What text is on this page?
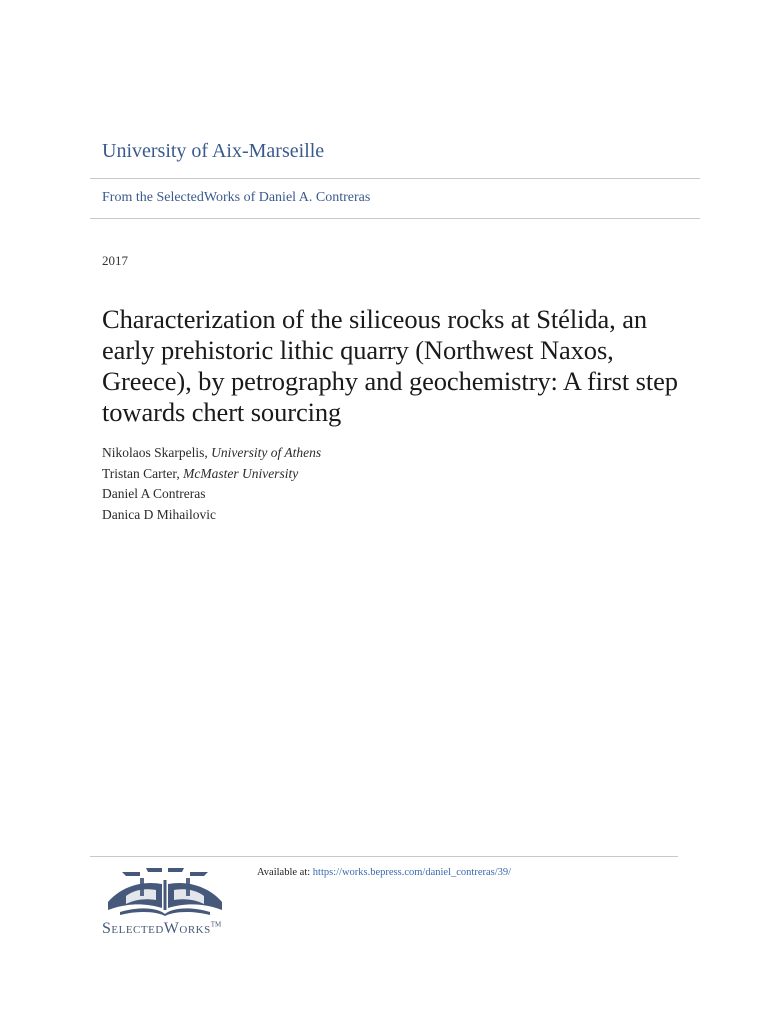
University of Aix-Marseille
From the SelectedWorks of Daniel A. Contreras
2017
Characterization of the siliceous rocks at Stélida, an early prehistoric lithic quarry (Northwest Naxos, Greece), by petrography and geochemistry: A first step towards chert sourcing
Nikolaos Skarpelis, University of Athens
Tristan Carter, McMaster University
Daniel A Contreras
Danica D Mihailovic
SelectedWorks™
Available at: https://works.bepress.com/daniel_contreras/39/
